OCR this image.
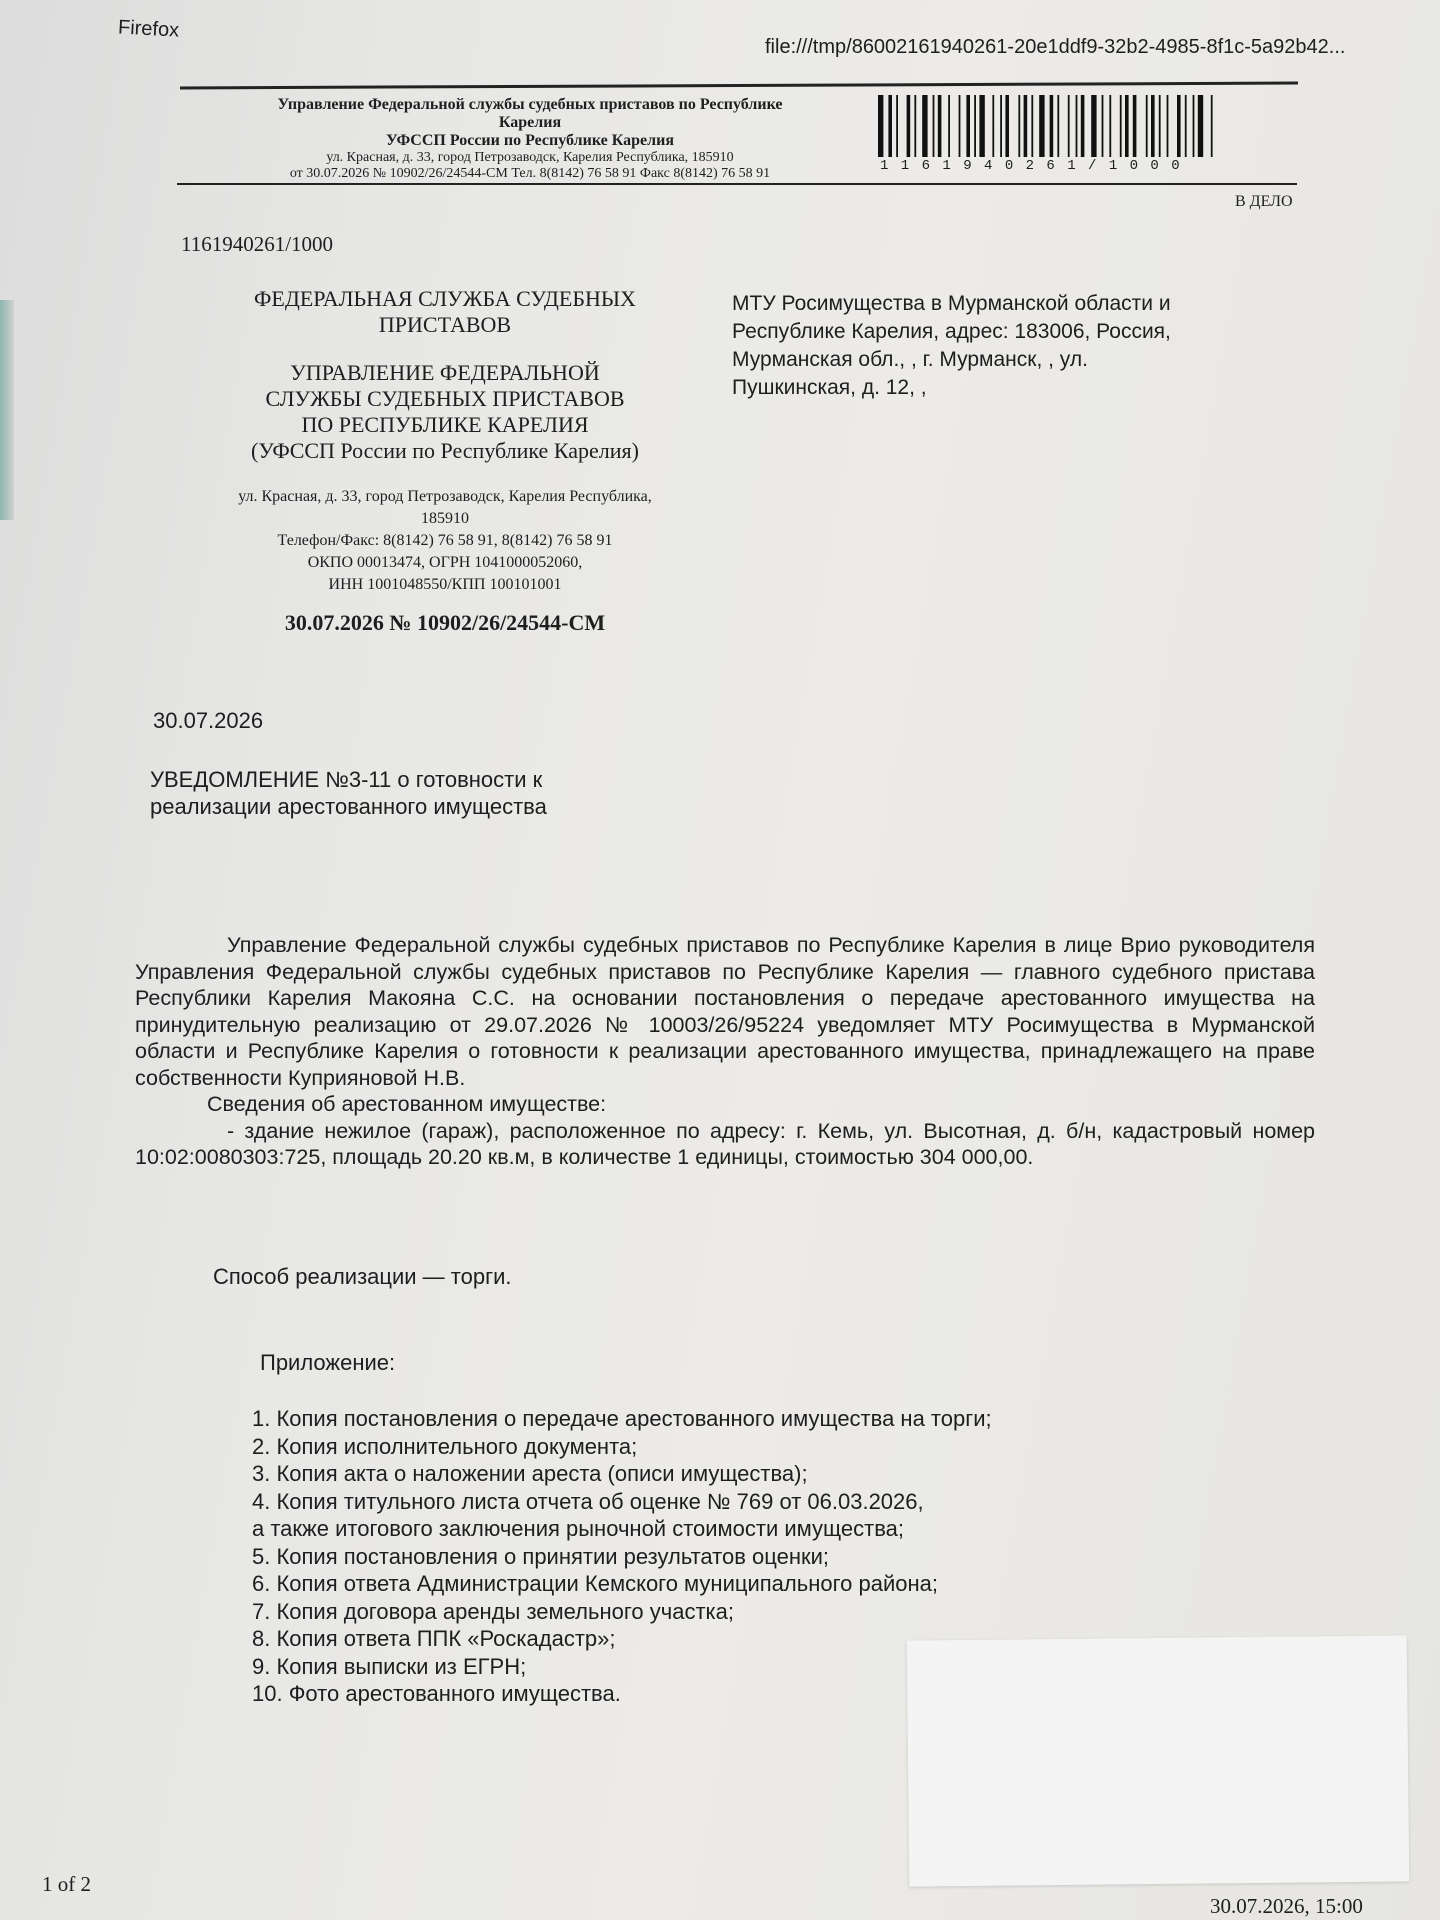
Firefox
file:///tmp/86002161940261-20e1ddf9-32b2-4985-8f1c-5a92b42...
Управление Федеральной службы судебных приставов по Республике
Карелия
УФССП России по Республике Карелия
ул. Красная, д. 33, город Петрозаводск, Карелия Республика, 185910
от 30.07.2026 № 10902/26/24544-СМ Тел. 8(8142) 76 58 91 Факс 8(8142) 76 58 91	1 1 6 1 9 4 0 2 6 1 / 1 0 0 0
В ДЕЛО
1161940261/1000
ФЕДЕРАЛЬНАЯ СЛУЖБА СУДЕБНЫХ
ПРИСТАВОВ
УПРАВЛЕНИЕ ФЕДЕРАЛЬНОЙ
СЛУЖБЫ СУДЕБНЫХ ПРИСТАВОВ
ПО РЕСПУБЛИКЕ КАРЕЛИЯ
(УФССП России по Республике Карелия)
ул. Красная, д. 33, город Петрозаводск, Карелия Республика,
185910
Телефон/Факс: 8(8142) 76 58 91, 8(8142) 76 58 91
ОКПО 00013474, ОГРН 1041000052060,
ИНН 1001048550/КПП 100101001
30.07.2026 № 10902/26/24544-СМ
МТУ Росимущества в Мурманской области и
Республике Карелия, адрес: 183006, Россия,
Мурманская обл., , г. Мурманск, , ул.
Пушкинская, д. 12, ,
30.07.2026
УВЕДОМЛЕНИЕ №3-11 о готовности к
реализации арестованного имущества

Управление Федеральной службы судебных приставов по Республике Карелия в лице Врио руководителя Управления Федеральной службы судебных приставов по Республике Карелия — главного судебного пристава Республики Карелия Макояна С.С. на основании постановления о передаче арестованного имущества на принудительную реализацию от 29.07.2026 № 10003/26/95224 уведомляет МТУ Росимущества в Мурманской области и Республике Карелия о готовности к реализации арестованного имущества, принадлежащего на праве собственности Куприяновой Н.В.

Сведения об арестованном имуществе:

- здание нежилое (гараж), расположенное по адресу: г. Кемь, ул. Высотная, д. б/н, кадастровый номер 10:02:0080303:725, площадь 20.20 кв.м, в количестве 1 единицы, стоимостью 304 000,00.

Способ реализации — торги.
Приложение:
1. Копия постановления о передаче арестованного имущества на торги;
2. Копия исполнительного документа;
3. Копия акта о наложении ареста (описи имущества);
4. Копия титульного листа отчета об оценке № 769 от 06.03.2026,
а также итогового заключения рыночной стоимости имущества;
5. Копия постановления о принятии результатов оценки;
6. Копия ответа Администрации Кемского муниципального района;
7. Копия договора аренды земельного участка;
8. Копия ответа ППК «Роскадастр»;
9. Копия выписки из ЕГРН;
10. Фото арестованного имущества.
1 of 2
30.07.2026, 15:00
